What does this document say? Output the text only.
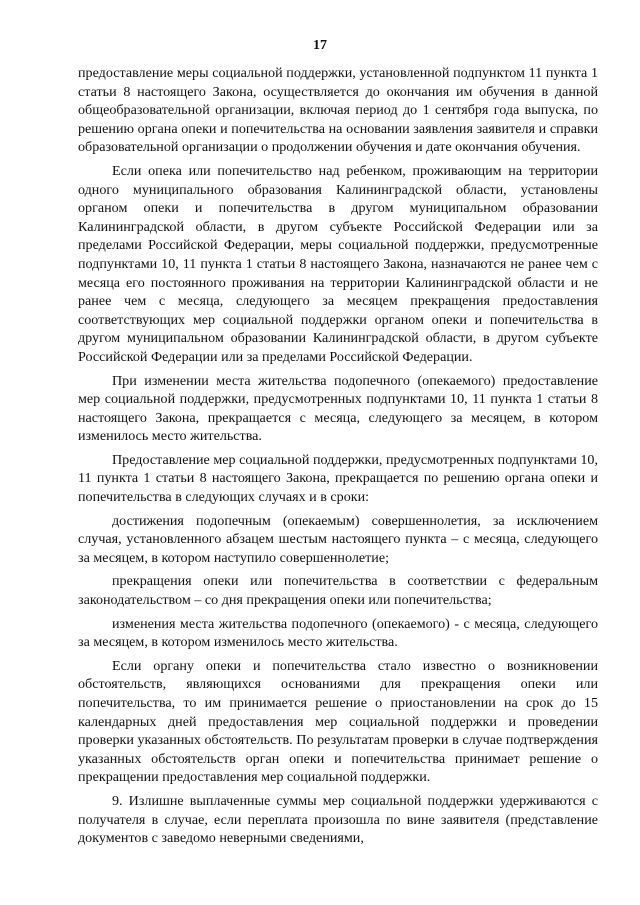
17

предоставление меры социальной поддержки, установленной подпунктом 11 пункта 1 статьи 8 настоящего Закона, осуществляется до окончания им обучения в данной общеобразовательной организации, включая период до 1 сентября года выпуска, по решению органа опеки и попечительства на основании заявления заявителя и справки образовательной организации о продолжении обучения и дате окончания обучения.

Если опека или попечительство над ребенком, проживающим на территории одного муниципального образования Калининградской области, установлены органом опеки и попечительства в другом муниципальном образовании Калининградской области, в другом субъекте Российской Федерации или за пределами Российской Федерации, меры социальной поддержки, предусмотренные подпунктами 10, 11 пункта 1 статьи 8 настоящего Закона, назначаются не ранее чем с месяца его постоянного проживания на территории Калининградской области и не ранее чем с месяца, следующего за месяцем прекращения предоставления соответствующих мер социальной поддержки органом опеки и попечительства в другом муниципальном образовании Калининградской области, в другом субъекте Российской Федерации или за пределами Российской Федерации.

При изменении места жительства подопечного (опекаемого) предоставление мер социальной поддержки, предусмотренных подпунктами 10, 11 пункта 1 статьи 8 настоящего Закона, прекращается с месяца, следующего за месяцем, в котором изменилось место жительства.

Предоставление мер социальной поддержки, предусмотренных подпунктами 10, 11 пункта 1 статьи 8 настоящего Закона, прекращается по решению органа опеки и попечительства в следующих случаях и в сроки:

достижения подопечным (опекаемым) совершеннолетия, за исключением случая, установленного абзацем шестым настоящего пункта – с месяца, следующего за месяцем, в котором наступило совершеннолетие;

прекращения опеки или попечительства в соответствии с федеральным законодательством – со дня прекращения опеки или попечительства;

изменения места жительства подопечного (опекаемого) - с месяца, следующего за месяцем, в котором изменилось место жительства.

Если органу опеки и попечительства стало известно о возникновении обстоятельств, являющихся основаниями для прекращения опеки или попечительства, то им принимается решение о приостановлении на срок до 15 календарных дней предоставления мер социальной поддержки и проведении проверки указанных обстоятельств. По результатам проверки в случае подтверждения указанных обстоятельств орган опеки и попечительства принимает решение о прекращении предоставления мер социальной поддержки.

9. Излишне выплаченные суммы мер социальной поддержки удерживаются с получателя в случае, если переплата произошла по вине заявителя (представление документов с заведомо неверными сведениями,
